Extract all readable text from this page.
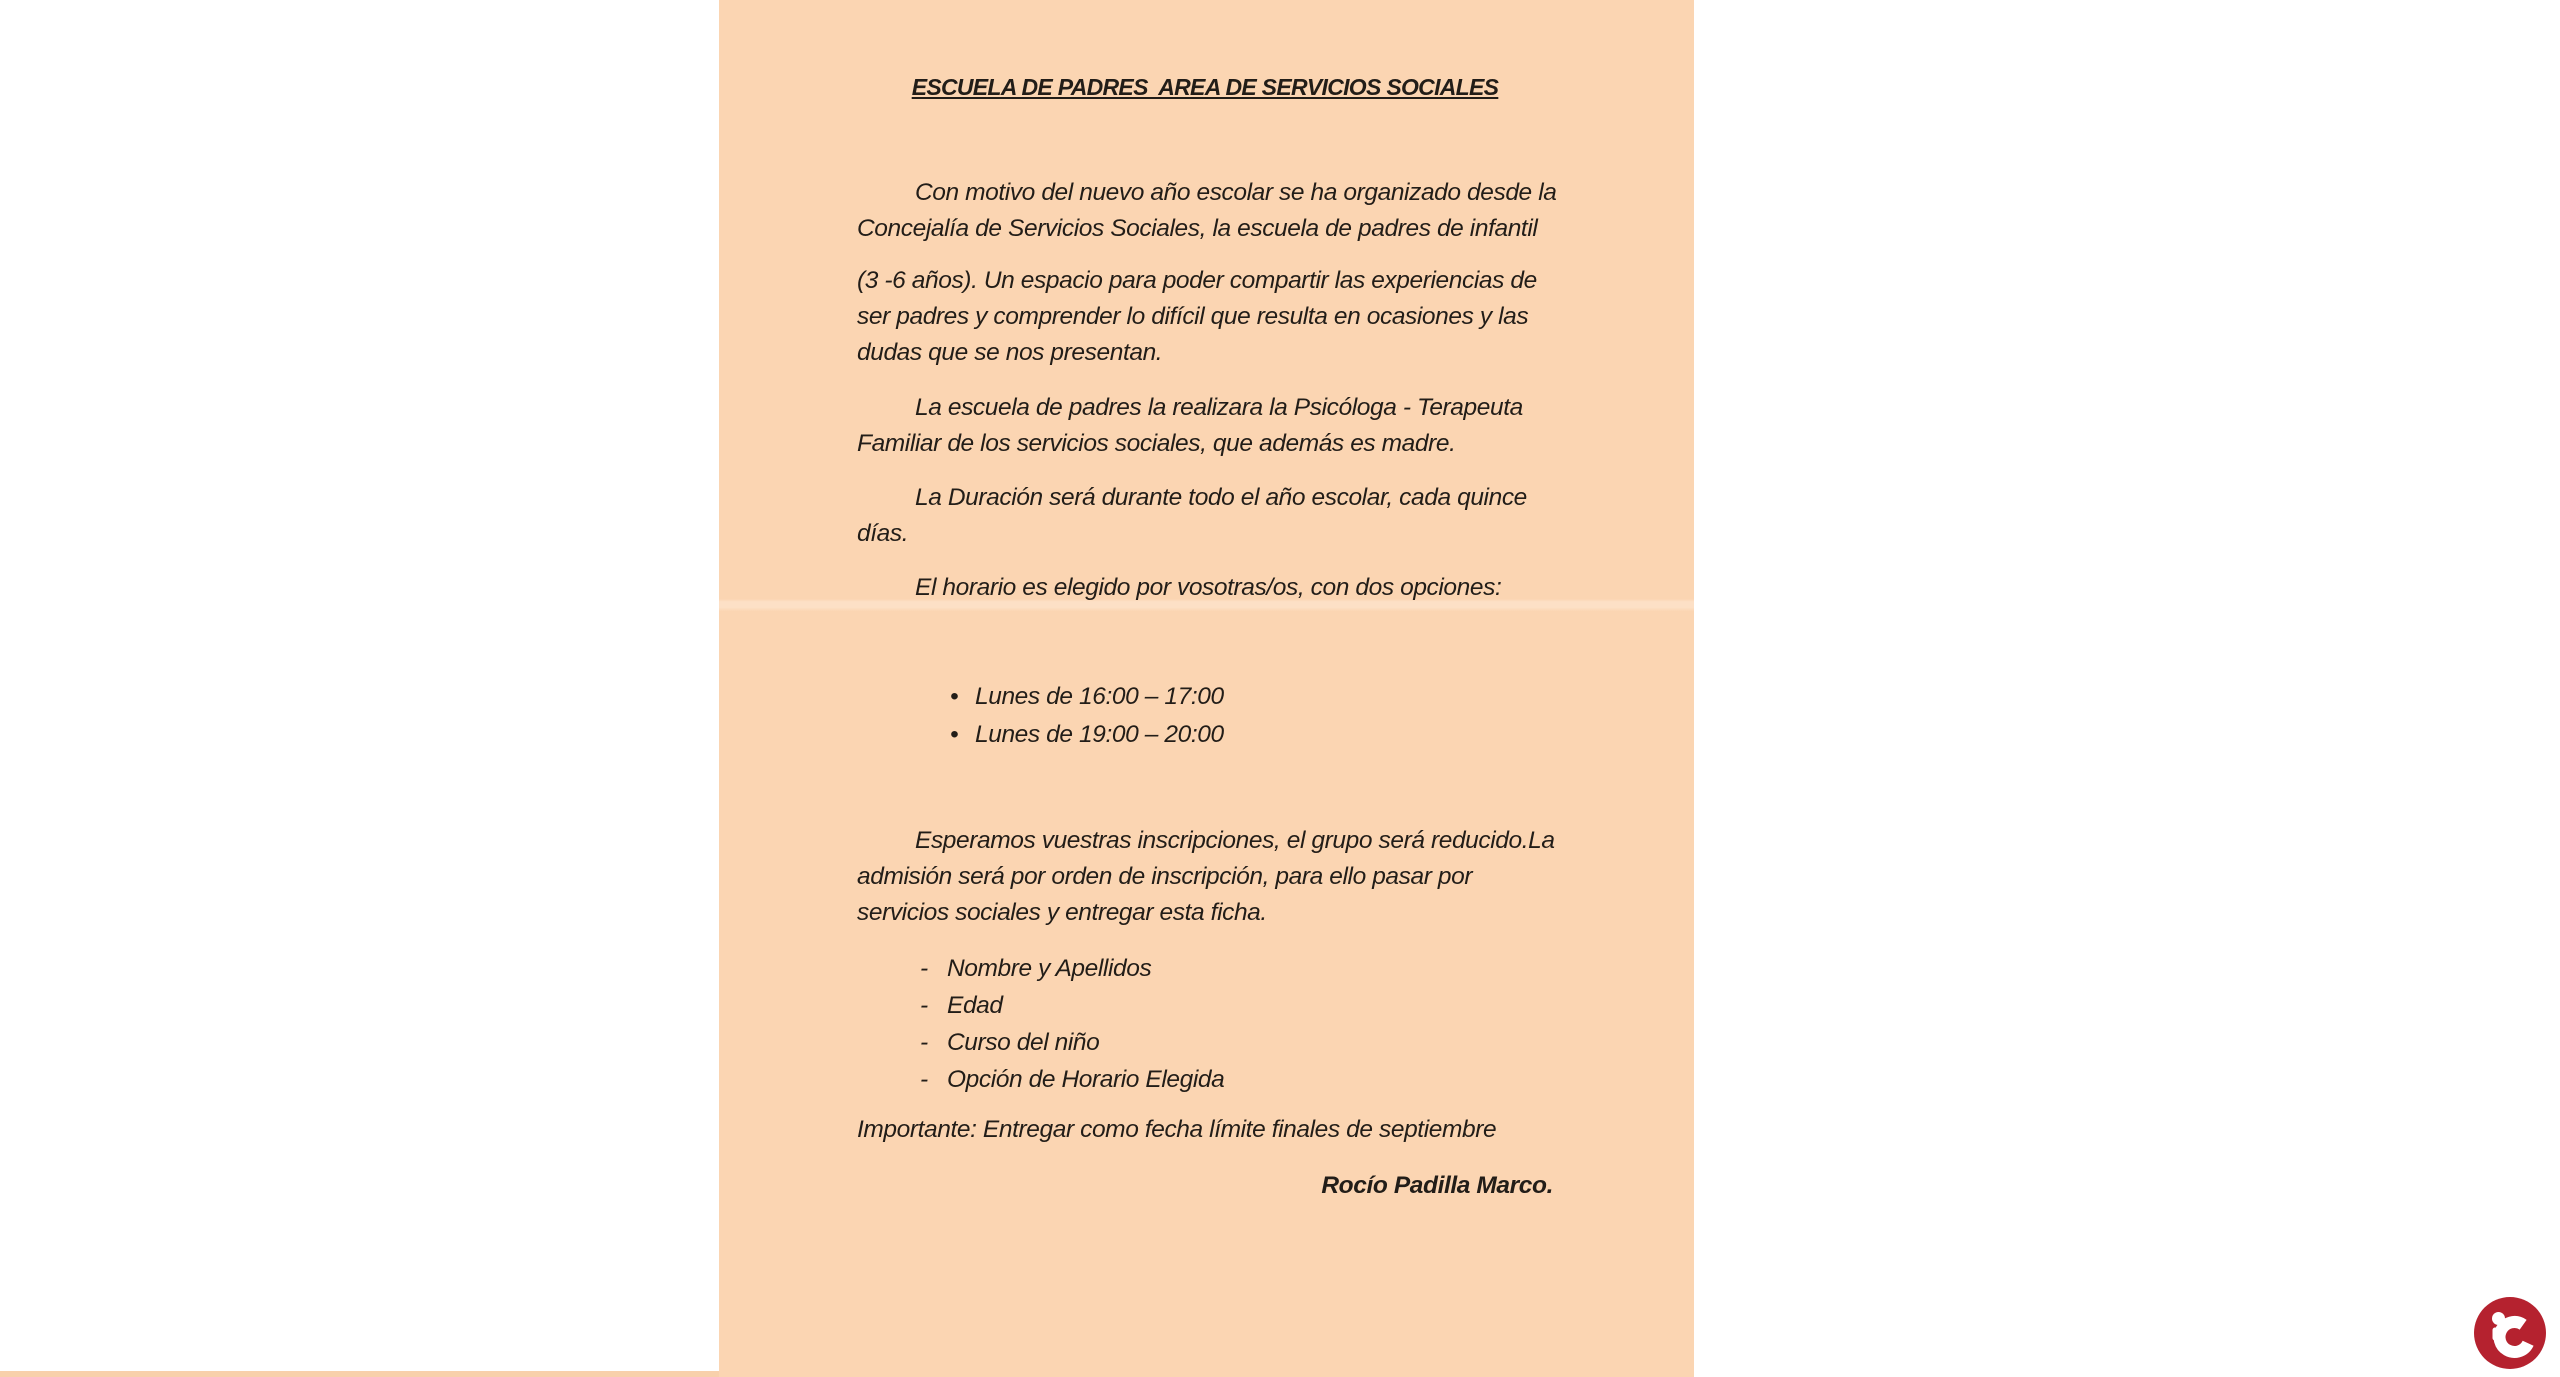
ESCUELA DE PADRES  AREA DE SERVICIOS SOCIALES
Con motivo del nuevo año escolar se ha organizado desde la
Concejalía de Servicios Sociales, la escuela de padres de infantil
(3 -6 años). Un espacio para poder compartir las experiencias de
ser padres y comprender lo difícil que resulta en ocasiones y las
dudas que se nos presentan.
La escuela de padres la realizara la Psicóloga - Terapeuta
Familiar de los servicios sociales, que además es madre.
La Duración será durante todo el año escolar, cada quince
días.
El horario es elegido por vosotras/os, con dos opciones:
• Lunes de 16:00 – 17:00
• Lunes de 19:00 – 20:00
Esperamos vuestras inscripciones, el grupo será reducido.La
admisión será por orden de inscripción, para ello pasar por
servicios sociales y entregar esta ficha.
- Nombre y Apellidos
- Edad
- Curso del niño
- Opción de Horario Elegida
Importante: Entregar como fecha límite finales de septiembre
Rocío Padilla Marco.
